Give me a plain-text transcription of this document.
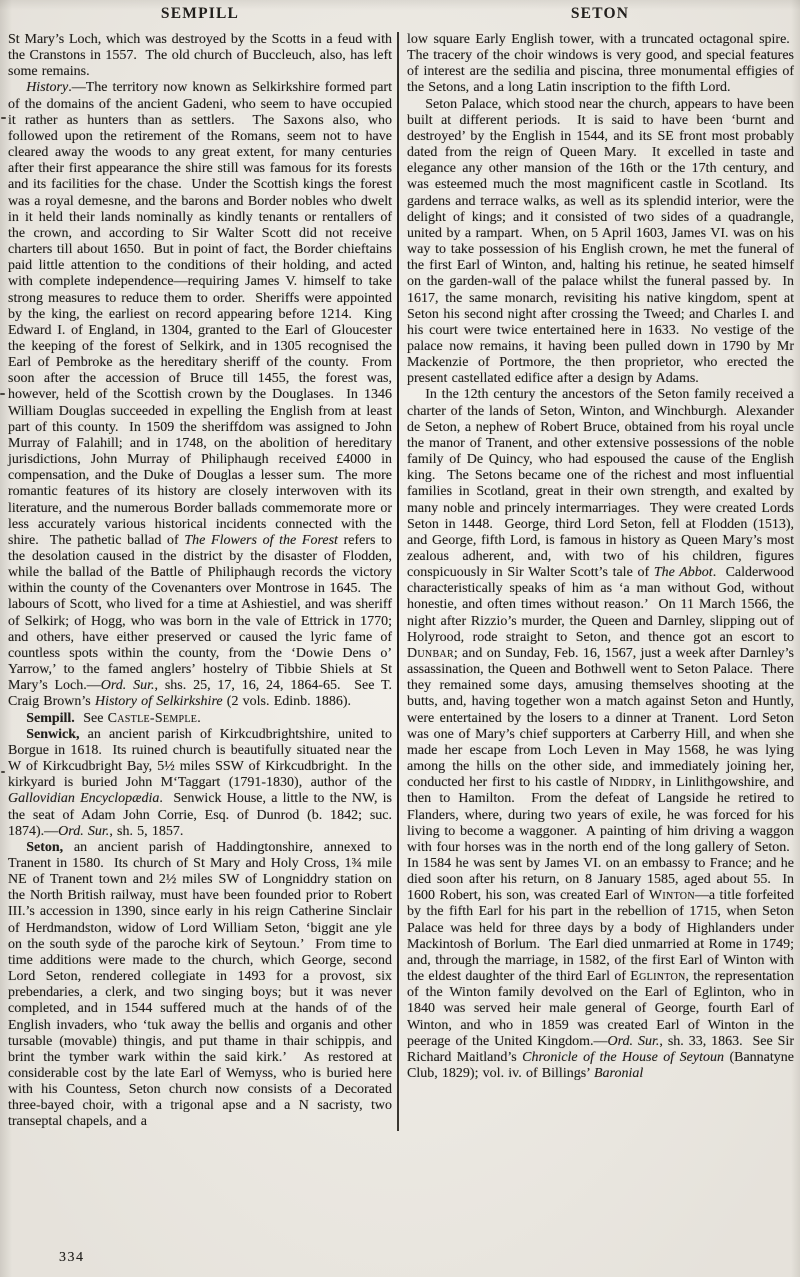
SEMPILL	SETON

St Mary’s Loch, which was destroyed by the Scotts in a feud with the Cranstons in 1557.  The old church of Buccleuch, also, has left some remains.

History.—The territory now known as Selkirkshire formed part of the domains of the ancient Gadeni, who seem to have occupied it rather as hunters than as settlers.  The Saxons also, who followed upon the retirement of the Romans, seem not to have cleared away the woods to any great extent, for many centuries after their first appearance the shire still was famous for its forests and its facilities for the chase.  Under the Scottish kings the forest was a royal demesne, and the barons and Border nobles who dwelt in it held their lands nominally as kindly tenants or rentallers of the crown, and according to Sir Walter Scott did not receive charters till about 1650.  But in point of fact, the Border chieftains paid little attention to the conditions of their holding, and acted with complete independence—requiring James V. himself to take strong measures to reduce them to order.  Sheriffs were appointed by the king, the earliest on record appearing before 1214.  King Edward I. of England, in 1304, granted to the Earl of Gloucester the keeping of the forest of Selkirk, and in 1305 recognised the Earl of Pembroke as the hereditary sheriff of the county.  From soon after the accession of Bruce till 1455, the forest was, however, held of the Scottish crown by the Douglases.  In 1346 William Douglas succeeded in expelling the English from at least part of this county.  In 1509 the sheriffdom was assigned to John Murray of Falahill; and in 1748, on the abolition of hereditary jurisdictions, John Murray of Philiphaugh received £4000 in compensation, and the Duke of Douglas a lesser sum.  The more romantic features of its history are closely interwoven with its literature, and the numerous Border ballads commemorate more or less accurately various historical incidents connected with the shire.  The pathetic ballad of The Flowers of the Forest refers to the desolation caused in the district by the disaster of Flodden, while the ballad of the Battle of Philiphaugh records the victory within the county of the Covenanters over Montrose in 1645.  The labours of Scott, who lived for a time at Ashiestiel, and was sheriff of Selkirk; of Hogg, who was born in the vale of Ettrick in 1770; and others, have either preserved or caused the lyric fame of countless spots within the county, from the ‘Dowie Dens o’ Yarrow,’ to the famed anglers’ hostelry of Tibbie Shiels at St Mary’s Loch.—Ord. Sur., shs. 25, 17, 16, 24, 1864-65.  See T. Craig Brown’s History of Selkirkshire (2 vols. Edinb. 1886).

Sempill.  See Castle-Semple.

Senwick, an ancient parish of Kirkcudbrightshire, united to Borgue in 1618.  Its ruined church is beautifully situated near the W of Kirkcudbright Bay, 5½ miles SSW of Kirkcudbright.  In the kirkyard is buried John M‘Taggart (1791-1830), author of the Gallovidian Encyclopædia.  Senwick House, a little to the NW, is the seat of Adam John Corrie, Esq. of Dunrod (b. 1842; suc. 1874).—Ord. Sur., sh. 5, 1857.

Seton, an ancient parish of Haddingtonshire, annexed to Tranent in 1580.  Its church of St Mary and Holy Cross, 1¾ mile NE of Tranent town and 2½ miles SW of Longniddry station on the North British railway, must have been founded prior to Robert III.’s accession in 1390, since early in his reign Catherine Sinclair of Herdmandston, widow of Lord William Seton, ‘biggit ane yle on the south syde of the paroche kirk of Seytoun.’  From time to time additions were made to the church, which George, second Lord Seton, rendered collegiate in 1493 for a provost, six prebendaries, a clerk, and two singing boys; but it was never completed, and in 1544 suffered much at the hands of of the English invaders, who ‘tuk away the bellis and organis and other tursable (movable) thingis, and put thame in thair schippis, and brint the tymber wark within the said kirk.’  As restored at considerable cost by the late Earl of Wemyss, who is buried here with his Countess, Seton church now consists of a Decorated three-bayed choir, with a trigonal apse and a N sacristy, two transeptal chapels, and a

low square Early English tower, with a truncated octagonal spire.  The tracery of the choir windows is very good, and special features of interest are the sedilia and piscina, three monumental effigies of the Setons, and a long Latin inscription to the fifth Lord.

Seton Palace, which stood near the church, appears to have been built at different periods.  It is said to have been ‘burnt and destroyed’ by the English in 1544, and its SE front most probably dated from the reign of Queen Mary.  It excelled in taste and elegance any other mansion of the 16th or the 17th century, and was esteemed much the most magnificent castle in Scotland.  Its gardens and terrace walks, as well as its splendid interior, were the delight of kings; and it consisted of two sides of a quadrangle, united by a rampart.  When, on 5 April 1603, James VI. was on his way to take possession of his English crown, he met the funeral of the first Earl of Winton, and, halting his retinue, he seated himself on the garden-wall of the palace whilst the funeral passed by.  In 1617, the same monarch, revisiting his native kingdom, spent at Seton his second night after crossing the Tweed; and Charles I. and his court were twice entertained here in 1633.  No vestige of the palace now remains, it having been pulled down in 1790 by Mr Mackenzie of Portmore, the then proprietor, who erected the present castellated edifice after a design by Adams.

In the 12th century the ancestors of the Seton family received a charter of the lands of Seton, Winton, and Winchburgh.  Alexander de Seton, a nephew of Robert Bruce, obtained from his royal uncle the manor of Tranent, and other extensive possessions of the noble family of De Quincy, who had espoused the cause of the English king.  The Setons became one of the richest and most influential families in Scotland, great in their own strength, and exalted by many noble and princely intermarriages.  They were created Lords Seton in 1448.  George, third Lord Seton, fell at Flodden (1513), and George, fifth Lord, is famous in history as Queen Mary’s most zealous adherent, and, with two of his children, figures conspicuously in Sir Walter Scott’s tale of The Abbot.  Calderwood characteristically speaks of him as ‘a man without God, without honestie, and often times without reason.’  On 11 March 1566, the night after Rizzio’s murder, the Queen and Darnley, slipping out of Holyrood, rode straight to Seton, and thence got an escort to Dunbar; and on Sunday, Feb. 16, 1567, just a week after Darnley’s assassination, the Queen and Bothwell went to Seton Palace.  There they remained some days, amusing themselves shooting at the butts, and, having together won a match against Seton and Huntly, were entertained by the losers to a dinner at Tranent.  Lord Seton was one of Mary’s chief supporters at Carberry Hill, and when she made her escape from Loch Leven in May 1568, he was lying among the hills on the other side, and immediately joining her, conducted her first to his castle of Niddry, in Linlithgowshire, and then to Hamilton.  From the defeat of Langside he retired to Flanders, where, during two years of exile, he was forced for his living to become a waggoner.  A painting of him driving a waggon with four horses was in the north end of the long gallery of Seton.  In 1584 he was sent by James VI. on an embassy to France; and he died soon after his return, on 8 January 1585, aged about 55.  In 1600 Robert, his son, was created Earl of Winton—a title forfeited by the fifth Earl for his part in the rebellion of 1715, when Seton Palace was held for three days by a body of Highlanders under Mackintosh of Borlum.  The Earl died unmarried at Rome in 1749; and, through the marriage, in 1582, of the first Earl of Winton with the eldest daughter of the third Earl of Eglinton, the representation of the Winton family devolved on the Earl of Eglinton, who in 1840 was served heir male general of George, fourth Earl of Winton, and who in 1859 was created Earl of Winton in the peerage of the United Kingdom.—Ord. Sur., sh. 33, 1863.  See Sir Richard Maitland’s Chronicle of the House of Seytoun (Bannatyne Club, 1829); vol. iv. of Billings’ Baronial

334
